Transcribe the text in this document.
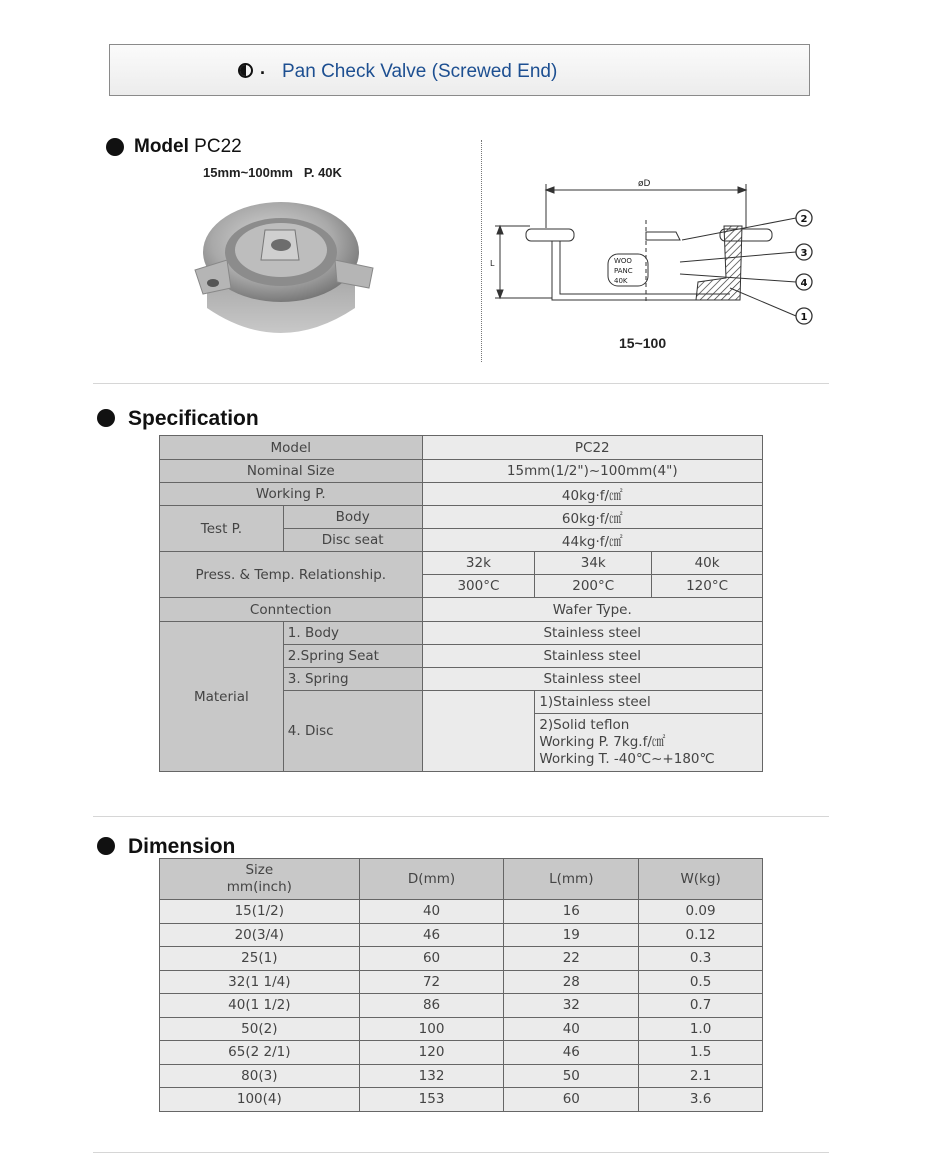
. Pan Check Valve (Screwed End)
Model PC22
15mm~100mm P. 40K
WOO
PANC
40K
øD
L
2
3
4
1
15~100
Specification
Model		PC22		
Nominal Size		15mm(1/2")~100mm(4")		
Working P.		40kg·f/㎠		
Test P.	Body	60kg·f/㎠		
	Disc seat	44kg·f/㎠		
Press. & Temp. Relationship.		32k	34k	40k
		300°C	200°C	120°C
Conntection		Wafer Type.		
Material	1. Body	Stainless steel		
	2.Spring Seat	Stainless steel		
	3. Spring	Stainless steel		
	4. Disc		1)Stainless steel	

			2)Solid teflon
Working P. 7kg.f/㎠
Working T. -40℃~+180℃	
Dimension
Size
mm(inch)	D(mm)	L(mm)	W(kg)
15(1/2)	40	16	0.09
20(3/4)	46	19	0.12
25(1)	60	22	0.3
32(1 1/4)	72	28	0.5
40(1 1/2)	86	32	0.7
50(2)	100	40	1.0
65(2 2/1)	120	46	1.5
80(3)	132	50	2.1
100(4)	153	60	3.6
